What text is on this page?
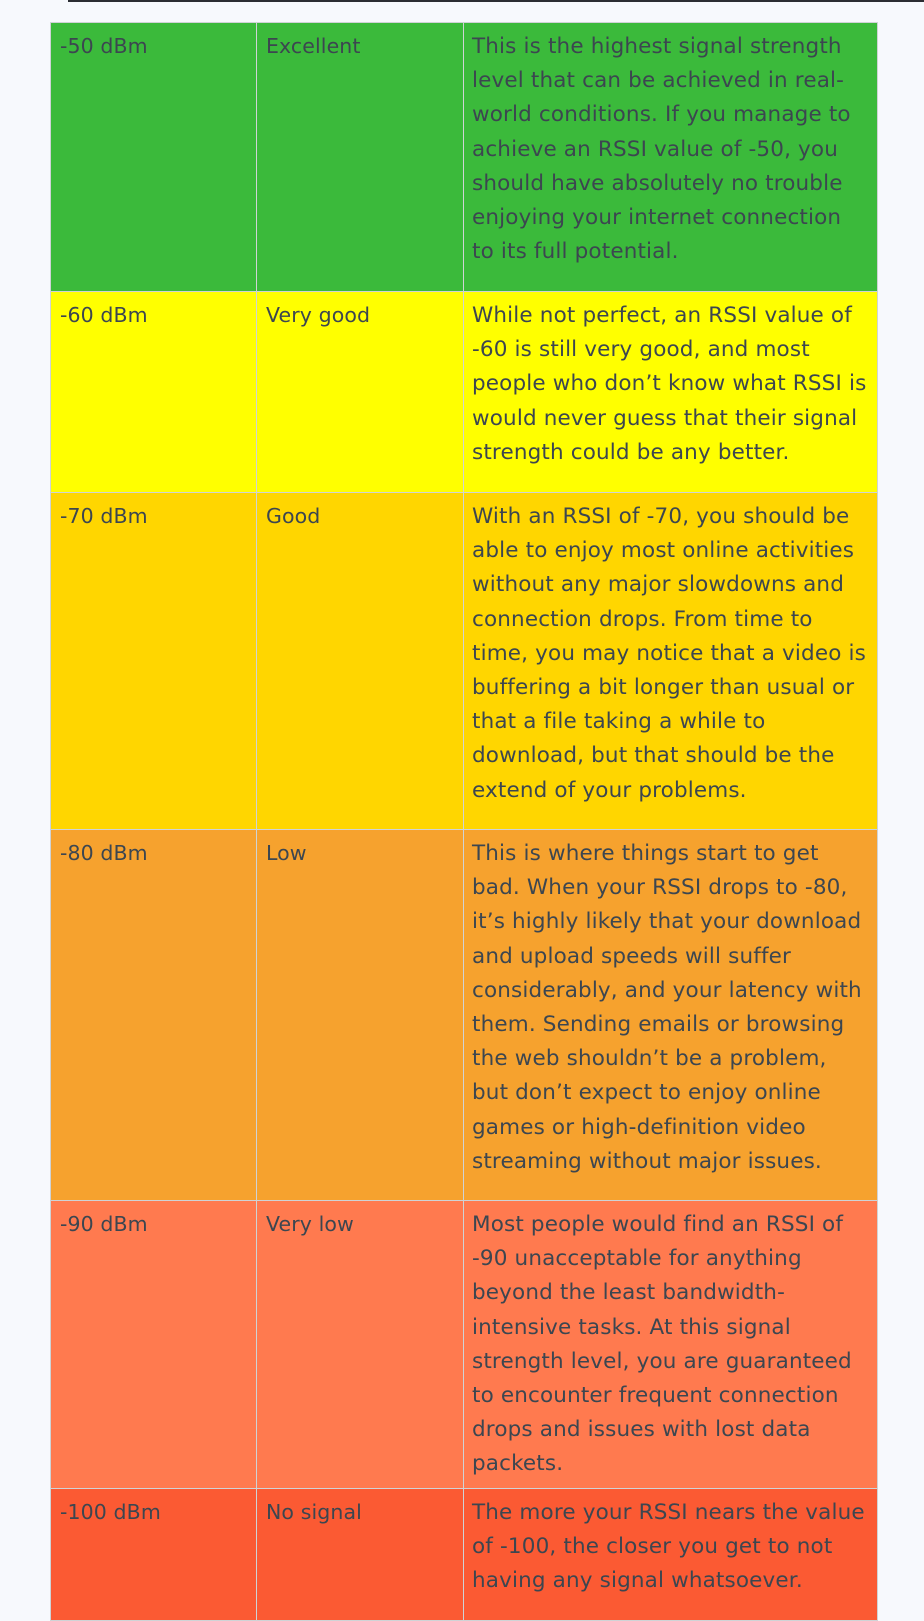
-50 dBm	Excellent	This is the highest signal strength level that can be achieved in real-world conditions. If you manage to achieve an RSSI value of -50, you should have absolutely no trouble enjoying your internet connection to its full potential.
-60 dBm	Very good	While not perfect, an RSSI value of -60 is still very good, and most people who don’t know what RSSI is would never guess that their signal strength could be any better.
-70 dBm	Good	With an RSSI of -70, you should be able to enjoy most online activities without any major slowdowns and connection drops. From time to time, you may notice that a video is buffering a bit longer than usual or that a file taking a while to download, but that should be the extend of your problems.
-80 dBm	Low	This is where things start to get bad. When your RSSI drops to -80, it’s highly likely that your download and upload speeds will suffer considerably, and your latency with them. Sending emails or browsing the web shouldn’t be a problem, but don’t expect to enjoy online games or high-definition video streaming without major issues.
-90 dBm	Very low	Most people would find an RSSI of -90 unacceptable for anything beyond the least bandwidth-intensive tasks. At this signal strength level, you are guaranteed to encounter frequent connection drops and issues with lost data packets.
-100 dBm	No signal	The more your RSSI nears the value of -100, the closer you get to not having any signal whatsoever.
